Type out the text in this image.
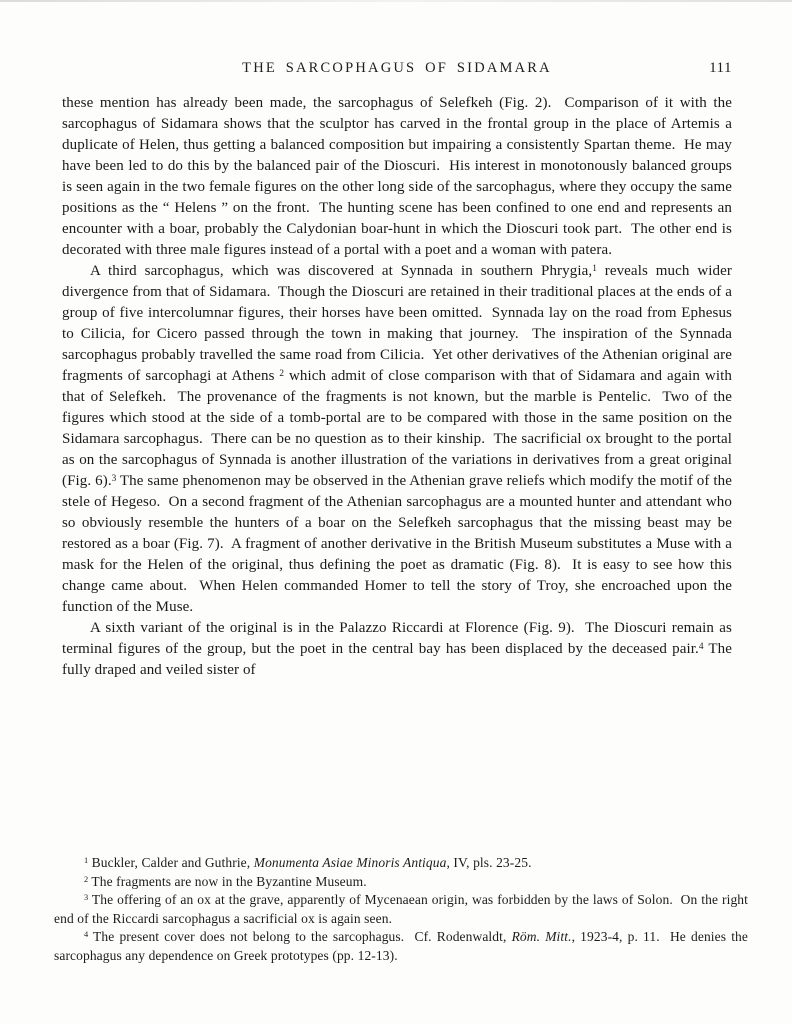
THE SARCOPHAGUS OF SIDAMARA	111

these mention has already been made, the sarcophagus of Selefkeh (Fig. 2).  Comparison of it with the sarcophagus of Sidamara shows that the sculptor has carved in the frontal group in the place of Artemis a duplicate of Helen, thus getting a balanced composition but impairing a consistently Spartan theme.  He may have been led to do this by the balanced pair of the Dioscuri.  His interest in monotonously balanced groups is seen again in the two female figures on the other long side of the sarcophagus, where they occupy the same positions as the “ Helens ” on the front.  The hunting scene has been confined to one end and represents an encounter with a boar, probably the Calydonian boar-hunt in which the Dioscuri took part.  The other end is decorated with three male figures instead of a portal with a poet and a woman with patera.

A third sarcophagus, which was discovered at Synnada in southern Phrygia,$^1$ reveals much wider divergence from that of Sidamara.  Though the Dioscuri are retained in their traditional places at the ends of a group of five intercolumnar figures, their horses have been omitted.  Synnada lay on the road from Ephesus to Cilicia, for Cicero passed through the town in making that journey.  The inspiration of the Synnada sarcophagus probably travelled the same road from Cilicia.  Yet other derivatives of the Athenian original are fragments of sarcophagi at Athens $^2$ which admit of close comparison with that of Sidamara and again with that of Selefkeh.  The provenance of the fragments is not known, but the marble is Pentelic.  Two of the figures which stood at the side of a tomb-portal are to be compared with those in the same position on the Sidamara sarcophagus.  There can be no question as to their kinship.  The sacrificial ox brought to the portal as on the sarcophagus of Synnada is another illustration of the variations in derivatives from a great original (Fig. 6).$^3$ The same phenomenon may be observed in the Athenian grave reliefs which modify the motif of the stele of Hegeso.  On a second fragment of the Athenian sarcophagus are a mounted hunter and attendant who so obviously resemble the hunters of a boar on the Selefkeh sarcophagus that the missing beast may be restored as a boar (Fig. 7).  A fragment of another derivative in the British Museum substitutes a Muse with a mask for the Helen of the original, thus defining the poet as dramatic (Fig. 8).  It is easy to see how this change came about.  When Helen commanded Homer to tell the story of Troy, she encroached upon the function of the Muse.

A sixth variant of the original is in the Palazzo Riccardi at Florence (Fig. 9).  The Dioscuri remain as terminal figures of the group, but the poet in the central bay has been displaced by the deceased pair.$^4$ The fully draped and veiled sister of

$^1$ Buckler, Calder and Guthrie, Monumenta Asiae Minoris Antiqua, IV, pls. 23-25.
$^2$ The fragments are now in the Byzantine Museum.
$^3$ The offering of an ox at the grave, apparently of Mycenaean origin, was forbidden by the laws of Solon.  On the right end of the Riccardi sarcophagus a sacrificial ox is again seen.
$^4$ The present cover does not belong to the sarcophagus.  Cf. Rodenwaldt, Röm. Mitt., 1923-4, p. 11.  He denies the sarcophagus any dependence on Greek prototypes (pp. 12-13).
